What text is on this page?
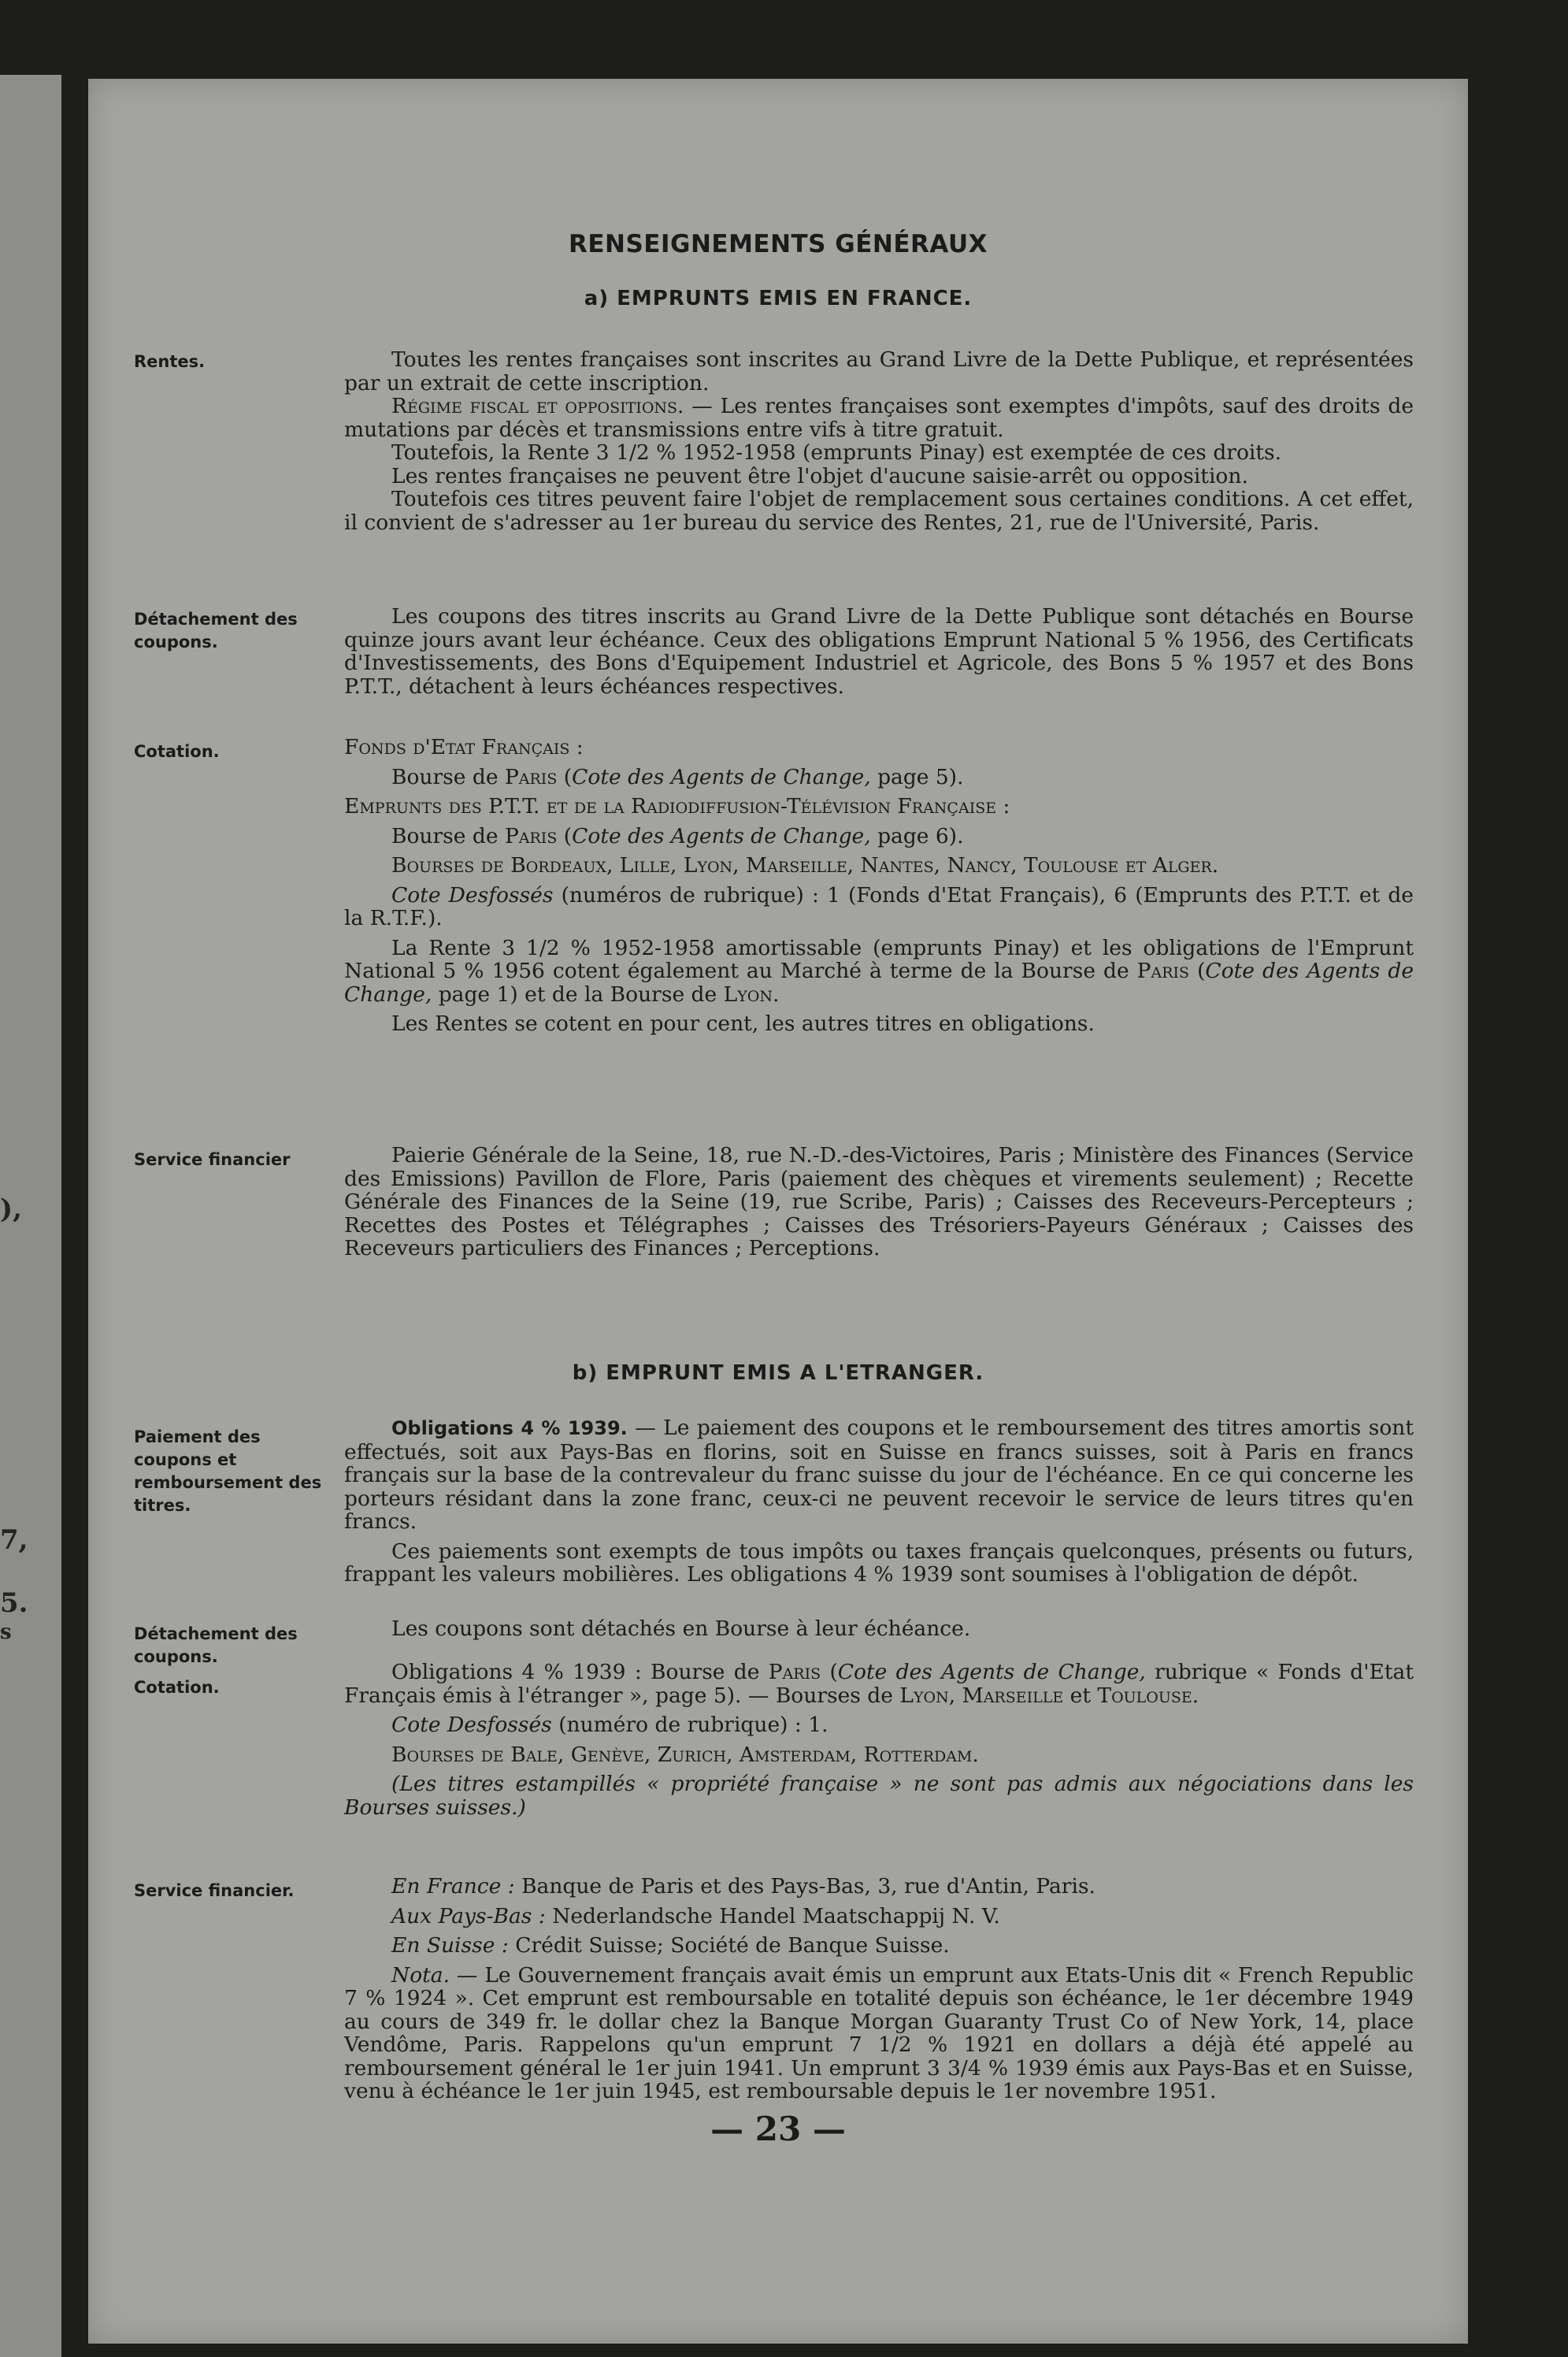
),
7,
5.
s
RENSEIGNEMENTS GÉNÉRAUX
a) EMPRUNTS EMIS EN FRANCE.
Rentes.	Toutes les rentes françaises sont inscrites au Grand Livre de la Dette Publique, et représentées par un extrait de cette inscription.

Régime fiscal et oppositions. — Les rentes françaises sont exemptes d'impôts, sauf des droits de mutations par décès et transmissions entre vifs à titre gratuit.

Toutefois, la Rente 3 1/2 % 1952-1958 (emprunts Pinay) est exemptée de ces droits.

Les rentes françaises ne peuvent être l'objet d'aucune saisie-arrêt ou opposition.

Toutefois ces titres peuvent faire l'objet de remplacement sous certaines conditions. A cet effet, il convient de s'adresser au 1er bureau du service des Rentes, 21, rue de l'Université, Paris.

Détachement des coupons.

Les coupons des titres inscrits au Grand Livre de la Dette Publique sont détachés en Bourse quinze jours avant leur échéance. Ceux des obligations Emprunt National 5 % 1956, des Certificats d'Investissements, des Bons d'Equipement Industriel et Agricole, des Bons 5 % 1957 et des Bons P.T.T., détachent à leurs échéances respectives.

Cotation.	Fonds d'Etat Français :

Bourse de Paris (Cote des Agents de Change, page 5).

Emprunts des P.T.T. et de la Radiodiffusion-Télévision Française :

Bourse de Paris (Cote des Agents de Change, page 6).

Bourses de Bordeaux, Lille, Lyon, Marseille, Nantes, Nancy, Toulouse et Alger.

Cote Desfossés (numéros de rubrique) : 1 (Fonds d'Etat Français), 6 (Emprunts des P.T.T. et de la R.T.F.).

La Rente 3 1/2 % 1952-1958 amortissable (emprunts Pinay) et les obligations de l'Emprunt National 5 % 1956 cotent également au Marché à terme de la Bourse de Paris (Cote des Agents de Change, page 1) et de la Bourse de Lyon.

Les Rentes se cotent en pour cent, les autres titres en obligations.

Service financier	Paierie Générale de la Seine, 18, rue N.-D.-des-Victoires, Paris ; Ministère des Finances (Service des Emissions) Pavillon de Flore, Paris (paiement des chèques et virements seulement) ; Recette Générale des Finances de la Seine (19, rue Scribe, Paris) ; Caisses des Receveurs-Percepteurs ; Recettes des Postes et Télégraphes ; Caisses des Trésoriers-Payeurs Généraux ; Caisses des Receveurs particuliers des Finances ; Perceptions.

b) EMPRUNT EMIS A L'ETRANGER.
Paiement des coupons et remboursement des titres.

Obligations 4 % 1939. — Le paiement des coupons et le remboursement des titres amortis sont effectués, soit aux Pays-Bas en florins, soit en Suisse en francs suisses, soit à Paris en francs français sur la base de la contrevaleur du franc suisse du jour de l'échéance. En ce qui concerne les porteurs résidant dans la zone franc, ceux-ci ne peuvent recevoir le service de leurs titres qu'en francs.

Ces paiements sont exempts de tous impôts ou taxes français quelconques, présents ou futurs, frappant les valeurs mobilières. Les obligations 4 % 1939 sont soumises à l'obligation de dépôt.

Détachement des coupons.

Les coupons sont détachés en Bourse à leur échéance.

Cotation.

Obligations 4 % 1939 : Bourse de Paris (Cote des Agents de Change, rubrique « Fonds d'Etat Français émis à l'étranger », page 5). — Bourses de Lyon, Marseille et Toulouse.

Cote Desfossés (numéro de rubrique) : 1.

Bourses de Bale, Genève, Zurich, Amsterdam, Rotterdam.

(Les titres estampillés « propriété française » ne sont pas admis aux négociations dans les Bourses suisses.)

Service financier.	En France : Banque de Paris et des Pays-Bas, 3, rue d'Antin, Paris.

Aux Pays-Bas : Nederlandsche Handel Maatschappij N. V.

En Suisse : Crédit Suisse; Société de Banque Suisse.

Nota. — Le Gouvernement français avait émis un emprunt aux Etats-Unis dit « French Republic 7 % 1924 ». Cet emprunt est remboursable en totalité depuis son échéance, le 1er décembre 1949 au cours de 349 fr. le dollar chez la Banque Morgan Guaranty Trust Co of New York, 14, place Vendôme, Paris. Rappelons qu'un emprunt 7 1/2 % 1921 en dollars a déjà été appelé au remboursement général le 1er juin 1941. Un emprunt 3 3/4 % 1939 émis aux Pays-Bas et en Suisse, venu à échéance le 1er juin 1945, est remboursable depuis le 1er novembre 1951.

— 23 —
